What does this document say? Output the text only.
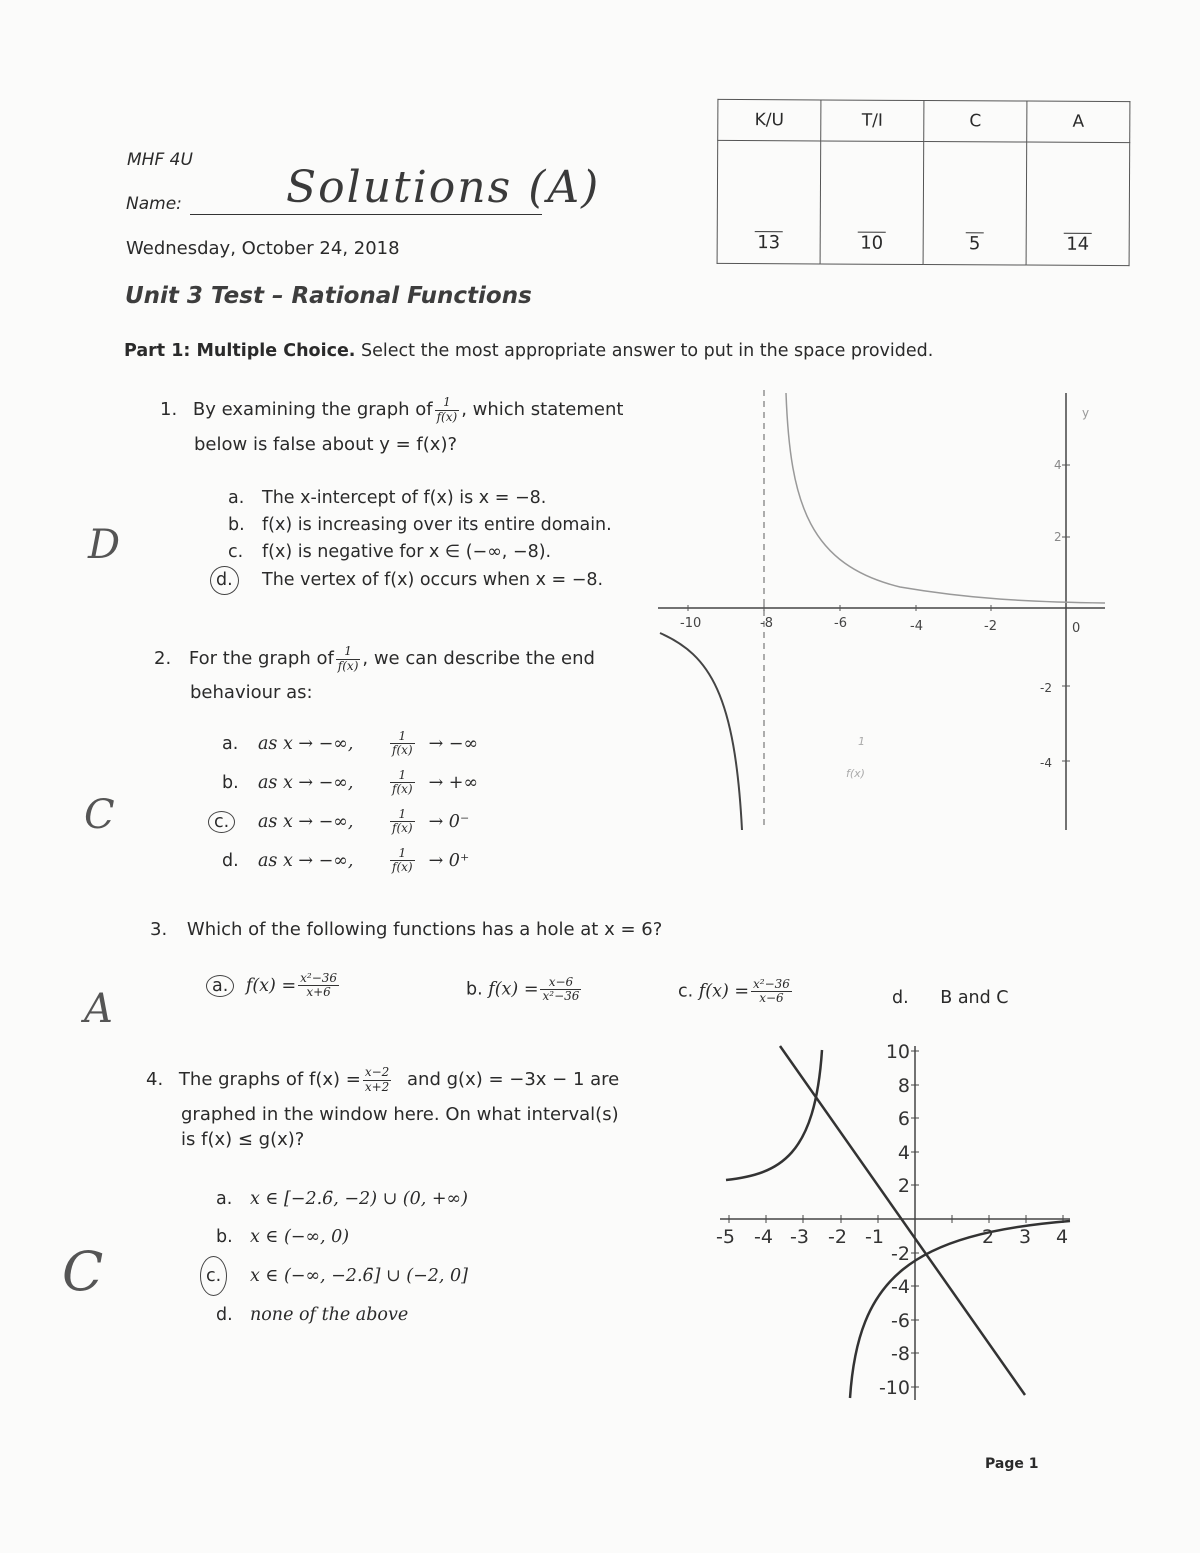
MHF 4U
Name: Solutions (A)
Wednesday, October 24, 2018
Unit 3 Test – Rational Functions
Part 1: Multiple Choice. Select the most appropriate answer to put in the space provided.
K/U	T/I	C	A
13	10	5	14
1. By examining the graph of $\frac{1}{f(x)}$ , which statement
below is false about y = f(x)?
a. The x-intercept of f(x) is x = −8.
b. f(x) is increasing over its entire domain.
c. f(x) is negative for x ∈ (−∞, −8).
d. The vertex of f(x) occurs when x = −8.
D
-10	-8	-6	-4	-2	0
4
2
-2
-4
y
1
f(x)
2. For the graph of $\frac{1}{f(x)}$ , we can describe the end
behaviour as:
a. as x → −∞,	$\frac{1}{f(x)}$ → −∞
b. as x → −∞,	$\frac{1}{f(x)}$ → +∞
c. as x → −∞,	$\frac{1}{f(x)} \to 0^-$
d. as x → −∞,	$\frac{1}{f(x)} \to 0^+$
C
3. Which of the following functions has a hole at x = 6?
a. $f(x) = \frac{\text{x²−36}}{x+6}$	b. $f(x) = \frac{x-6}{\text{x²−36}}$	c. $f(x) = \frac{\text{x²−36}}{x-6}$	d. B and C
A
4. The graphs of $f(x) = \frac{x-2}{x+2}$ and g(x) = −3x − 1 are
graphed in the window here. On what interval(s)
is f(x) ≤ g(x)?
a. x ∈ [−2.6̄, −2) ∪ (0, +∞)
b. x ∈ (−∞, 0)
c. x ∈ (−∞, −2.6̄] ∪ (−2, 0]
d. none of the above
C
-5 -4 -3 -2 -1	2 3 4
10
8
6
4
2
-2
-4
-6
-8
-10
Page 1
